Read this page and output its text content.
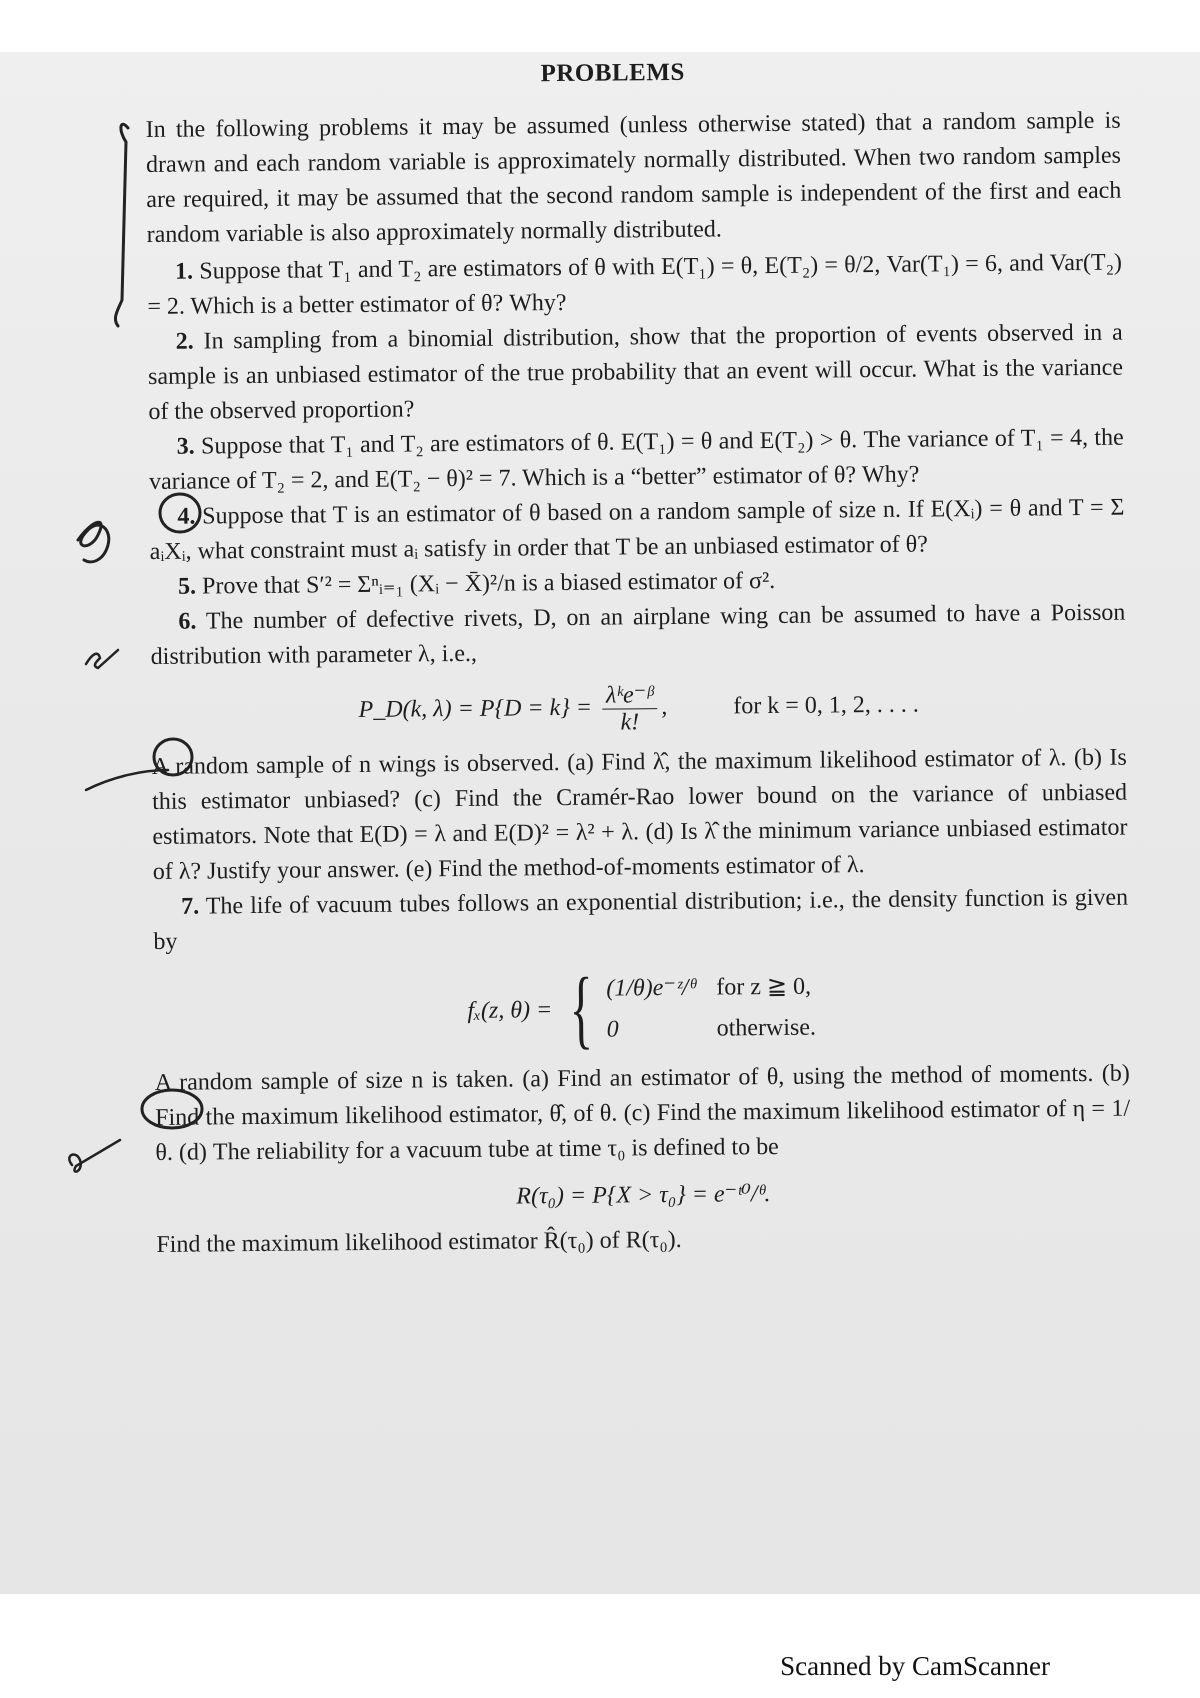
PROBLEMS

In the following problems it may be assumed (unless otherwise stated) that a random sample is drawn and each random variable is approximately normally distributed. When two random samples are required, it may be assumed that the second random sample is independent of the first and each random variable is also approximately normally distributed.

1. Suppose that T₁ and T₂ are estimators of θ with E(T₁) = θ, E(T₂) = θ/2, Var(T₁) = 6, and Var(T₂) = 2. Which is a better estimator of θ? Why?

2. In sampling from a binomial distribution, show that the proportion of events observed in a sample is an unbiased estimator of the true probability that an event will occur. What is the variance of the observed proportion?

3. Suppose that T₁ and T₂ are estimators of θ. E(T₁) = θ and E(T₂) > θ. The variance of T₁ = 4, the variance of T₂ = 2, and E(T₂ − θ)² = 7. Which is a “better” estimator of θ? Why?

4. Suppose that T is an estimator of θ based on a random sample of size n. If E(Xᵢ) = θ and T = Σ aᵢXᵢ, what constraint must aᵢ satisfy in order that T be an unbiased estimator of θ?

5. Prove that S′² = Σⁿᵢ₌₁ (Xᵢ − X̄)²/n is a biased estimator of σ².

6. The number of defective rivets, D, on an airplane wing can be assumed to have a Poisson distribution with parameter λ, i.e.,

P_D(k, $\lambda) = P\{D = k\} = \frac{\text{λᵏe⁻ᵝ}}{k!}$ ,	for k = 0, 1, 2, . . . .

A random sample of n wings is observed. (a) Find λ̂, the maximum likelihood estimator of λ. (b) Is this estimator unbiased? (c) Find the Cramér-Rao lower bound on the variance of unbiased estimators. Note that E(D) = λ and E(D)² = λ² + λ. (d) Is λ̂ the minimum variance unbiased estimator of λ? Justify your answer. (e) Find the method-of-moments estimator of λ.

7. The life of vacuum tubes follows an exponential distribution; i.e., the density function is given by

fₓ(z, θ) = { (1/θ)e⁻ᶻ/ᶿ for z ≧ 0,
0	otherwise.

A random sample of size n is taken. (a) Find an estimator of θ, using the method of moments. (b) Find the maximum likelihood estimator, θ̂, of θ. (c) Find the maximum likelihood estimator of η = 1/θ. (d) The reliability for a vacuum tube at time τ₀ is defined to be

R(τ₀) = P{X > τ₀} = e⁻ᵗ⁰/ᶿ.

Find the maximum likelihood estimator R̂(τ₀) of R(τ₀).

Scanned by CamScanner
